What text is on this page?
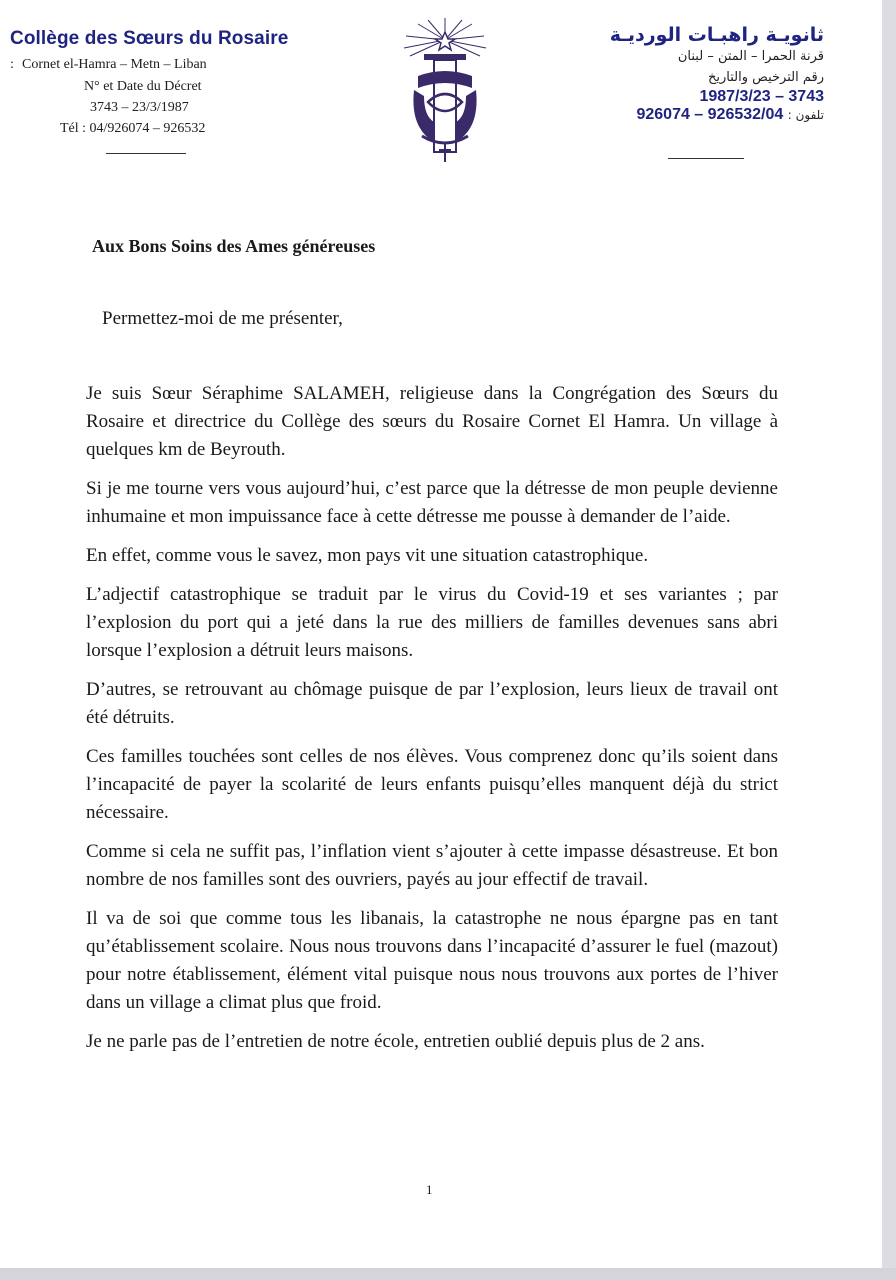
Collège des Sœurs du Rosaire
: Cornet el-Hamra – Metn – Liban
N° et Date du Décret
3743 – 23/3/1987
Tél : 04/926074 – 926532
ثانويـة راهبـات الورديـة
قرنة الحمرا – المتن – لبنان
رقم الترخيص والتاريخ
1987/3/23 – 3743
تلفون : 926074 – 926532/04
Aux Bons Soins des Ames généreuses
Permettez-moi de me présenter,

Je suis Sœur Séraphime SALAMEH, religieuse dans la Congrégation des Sœurs du Rosaire et directrice du Collège des sœurs du Rosaire Cornet El Hamra. Un village à quelques km de Beyrouth.

Si je me tourne vers vous aujourd’hui, c’est parce que la détresse de mon peuple devienne inhumaine et mon impuissance face à cette détresse me pousse à demander de l’aide.

En effet, comme vous le savez, mon pays vit une situation catastrophique.

L’adjectif catastrophique se traduit par le virus du Covid-19 et ses variantes ; par l’explosion du port qui a jeté dans la rue des milliers de familles devenues sans abri lorsque l’explosion a détruit leurs maisons.

D’autres, se retrouvant au chômage puisque de par l’explosion, leurs lieux de travail ont été détruits.

Ces familles touchées sont celles de nos élèves. Vous comprenez donc qu’ils soient dans l’incapacité de payer la scolarité de leurs enfants puisqu’elles manquent déjà du strict nécessaire.

Comme si cela ne suffit pas, l’inflation vient s’ajouter à cette impasse désastreuse. Et bon nombre de nos familles sont des ouvriers, payés au jour effectif de travail.

Il va de soi que comme tous les libanais, la catastrophe ne nous épargne pas en tant qu’établissement scolaire. Nous nous trouvons dans l’incapacité d’assurer le fuel (mazout) pour notre établissement, élément vital puisque nous nous trouvons aux portes de l’hiver dans un village a climat plus que froid.

Je ne parle pas de l’entretien de notre école, entretien oublié depuis plus de 2 ans.

1
